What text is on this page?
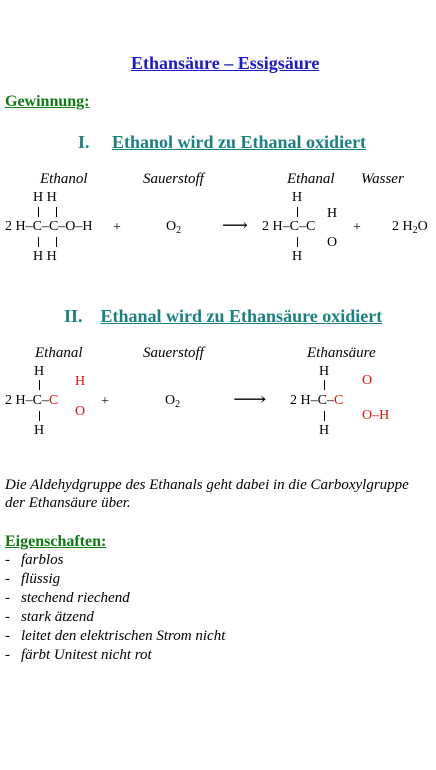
Ethansäure – Essigsäure
Gewinnung:
I. Ethanol wird zu Ethanal oxidiert
Ethanol	Sauerstoff	Ethanal Wasser
H H
2 H–C–C–O–H
H H
+	$O_2$ ⟶
H
2 H–C–C
H
O
H
+ 2 $H_2O$
II. Ethanal wird zu Ethansäure oxidiert
Ethanal	Sauerstoff	Ethansäure
H
2 H–C–C
H
O
H
+	$O_2$	⟶
H
2 H–C–C
O
O–H
H
Die Aldehydgruppe des Ethanals geht dabei in die Carboxylgruppe
der Ethansäure über.
Eigenschaften:
- farblos
- flüssig
- stechend riechend
- stark ätzend
- leitet den elektrischen Strom nicht
- färbt Unitest nicht rot
